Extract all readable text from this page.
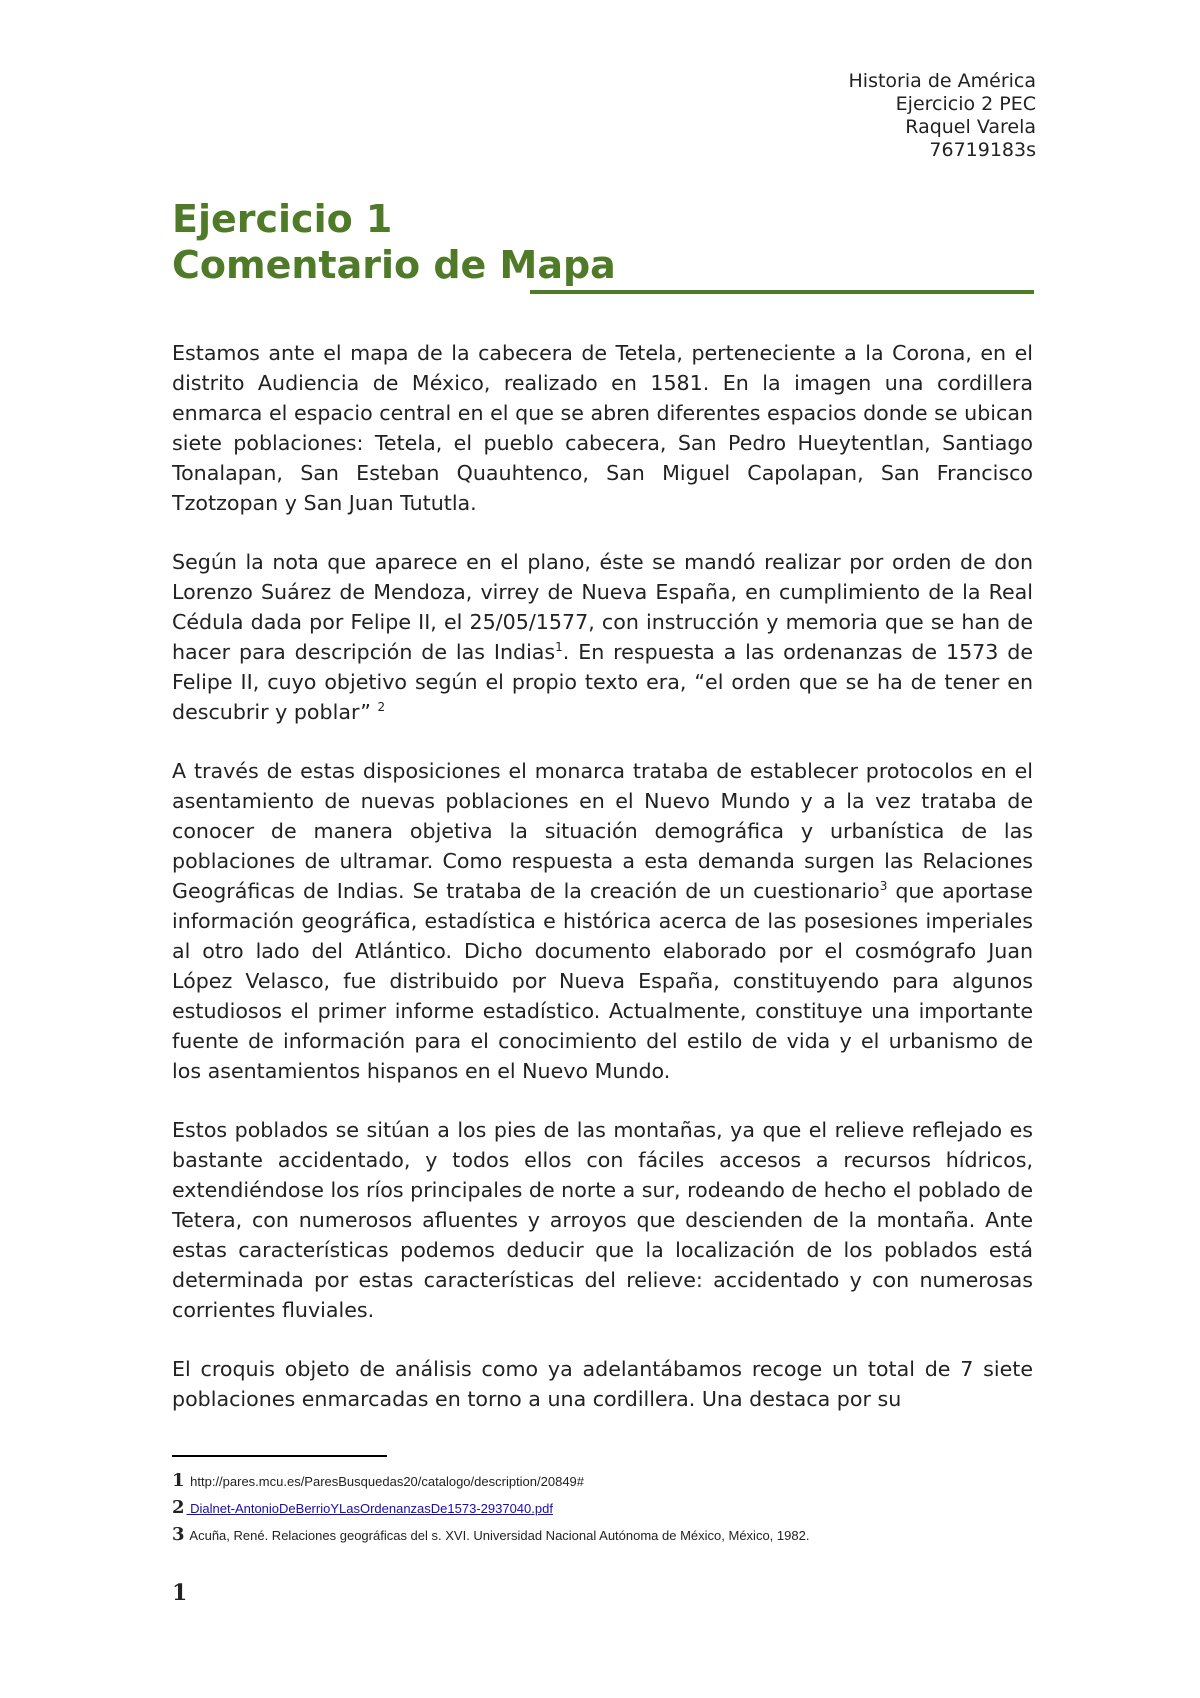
Historia de América
Ejercicio 2 PEC
Raquel Varela
76719183s
Ejercicio 1
Comentario de Mapa

Estamos ante el mapa de la cabecera de Tetela, perteneciente a la Corona, en el distrito Audiencia de México, realizado en 1581. En la imagen una cordillera enmarca el espacio central en el que se abren diferentes espacios donde se ubican siete poblaciones: Tetela, el pueblo cabecera, San Pedro Hueytentlan, Santiago Tonalapan, San Esteban Quauhtenco, San Miguel Capolapan, San Francisco Tzotzopan y San Juan Tututla.

Según la nota que aparece en el plano, éste se mandó realizar por orden de don Lorenzo Suárez de Mendoza, virrey de Nueva España, en cumplimiento de la Real Cédula dada por Felipe II, el 25/05/1577, con instrucción y memoria que se han de hacer para descripción de las Indias$^1$. En respuesta a las ordenanzas de 1573 de Felipe II, cuyo objetivo según el propio texto era, “el orden que se ha de tener en descubrir y poblar” $^2$

A través de estas disposiciones el monarca trataba de establecer protocolos en el asentamiento de nuevas poblaciones en el Nuevo Mundo y a la vez trataba de conocer de manera objetiva la situación demográfica y urbanística de las poblaciones de ultramar. Como respuesta a esta demanda surgen las Relaciones Geográficas de Indias. Se trataba de la creación de un cuestionario$^3$ que aportase información geográfica, estadística e histórica acerca de las posesiones imperiales al otro lado del Atlántico. Dicho documento elaborado por el cosmógrafo Juan López Velasco, fue distribuido por Nueva España, constituyendo para algunos estudiosos el primer informe estadístico. Actualmente, constituye una importante fuente de información para el conocimiento del estilo de vida y el urbanismo de los asentamientos hispanos en el Nuevo Mundo.

Estos poblados se sitúan a los pies de las montañas, ya que el relieve reflejado es bastante accidentado, y todos ellos con fáciles accesos a recursos hídricos, extendiéndose los ríos principales de norte a sur, rodeando de hecho el poblado de Tetera, con numerosos afluentes y arroyos que descienden de la montaña. Ante estas características podemos deducir que la localización de los poblados está determinada por estas características del relieve: accidentado y con numerosas corrientes fluviales.

El croquis objeto de análisis como ya adelantábamos recoge un total de 7 siete poblaciones enmarcadas en torno a una cordillera. Una destaca por su

1 http://pares.mcu.es/ParesBusquedas20/catalogo/description/20849#
2 Dialnet-AntonioDeBerrioYLasOrdenanzasDe1573-2937040.pdf
3 Acuña, René. Relaciones geográficas del s. XVI. Universidad Nacional Autónoma de México, México, 1982.
1
